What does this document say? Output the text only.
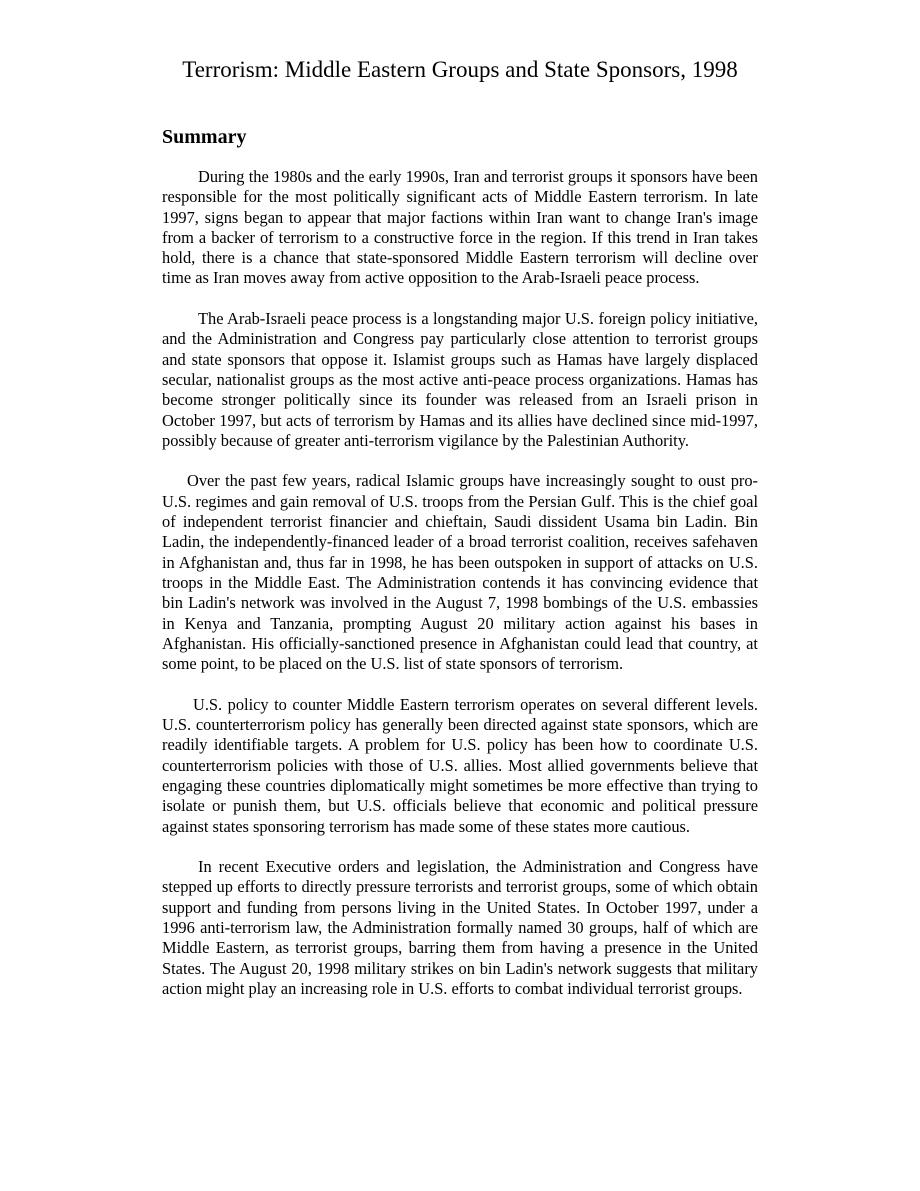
Terrorism: Middle Eastern Groups and State Sponsors, 1998
Summary

During the 1980s and the early 1990s, Iran and terrorist groups it sponsors have been responsible for the most politically significant acts of Middle Eastern terrorism. In late 1997, signs began to appear that major factions within Iran want to change Iran's image from a backer of terrorism to a constructive force in the region. If this trend in Iran takes hold, there is a chance that state-sponsored Middle Eastern terrorism will decline over time as Iran moves away from active opposition to the Arab-Israeli peace process.

The Arab-Israeli peace process is a longstanding major U.S. foreign policy initiative, and the Administration and Congress pay particularly close attention to terrorist groups and state sponsors that oppose it. Islamist groups such as Hamas have largely displaced secular, nationalist groups as the most active anti-peace process organizations. Hamas has become stronger politically since its founder was released from an Israeli prison in October 1997, but acts of terrorism by Hamas and its allies have declined since mid-1997, possibly because of greater anti-terrorism vigilance by the Palestinian Authority.

Over the past few years, radical Islamic groups have increasingly sought to oust pro-U.S. regimes and gain removal of U.S. troops from the Persian Gulf. This is the chief goal of independent terrorist financier and chieftain, Saudi dissident Usama bin Ladin. Bin Ladin, the independently-financed leader of a broad terrorist coalition, receives safehaven in Afghanistan and, thus far in 1998, he has been outspoken in support of attacks on U.S. troops in the Middle East. The Administration contends it has convincing evidence that bin Ladin's network was involved in the August 7, 1998 bombings of the U.S. embassies in Kenya and Tanzania, prompting August 20 military action against his bases in Afghanistan. His officially-sanctioned presence in Afghanistan could lead that country, at some point, to be placed on the U.S. list of state sponsors of terrorism.

U.S. policy to counter Middle Eastern terrorism operates on several different levels. U.S. counterterrorism policy has generally been directed against state sponsors, which are readily identifiable targets. A problem for U.S. policy has been how to coordinate U.S. counterterrorism policies with those of U.S. allies. Most allied governments believe that engaging these countries diplomatically might sometimes be more effective than trying to isolate or punish them, but U.S. officials believe that economic and political pressure against states sponsoring terrorism has made some of these states more cautious.

In recent Executive orders and legislation, the Administration and Congress have stepped up efforts to directly pressure terrorists and terrorist groups, some of which obtain support and funding from persons living in the United States. In October 1997, under a 1996 anti-terrorism law, the Administration formally named 30 groups, half of which are Middle Eastern, as terrorist groups, barring them from having a presence in the United States. The August 20, 1998 military strikes on bin Ladin's network suggests that military action might play an increasing role in U.S. efforts to combat individual terrorist groups.
